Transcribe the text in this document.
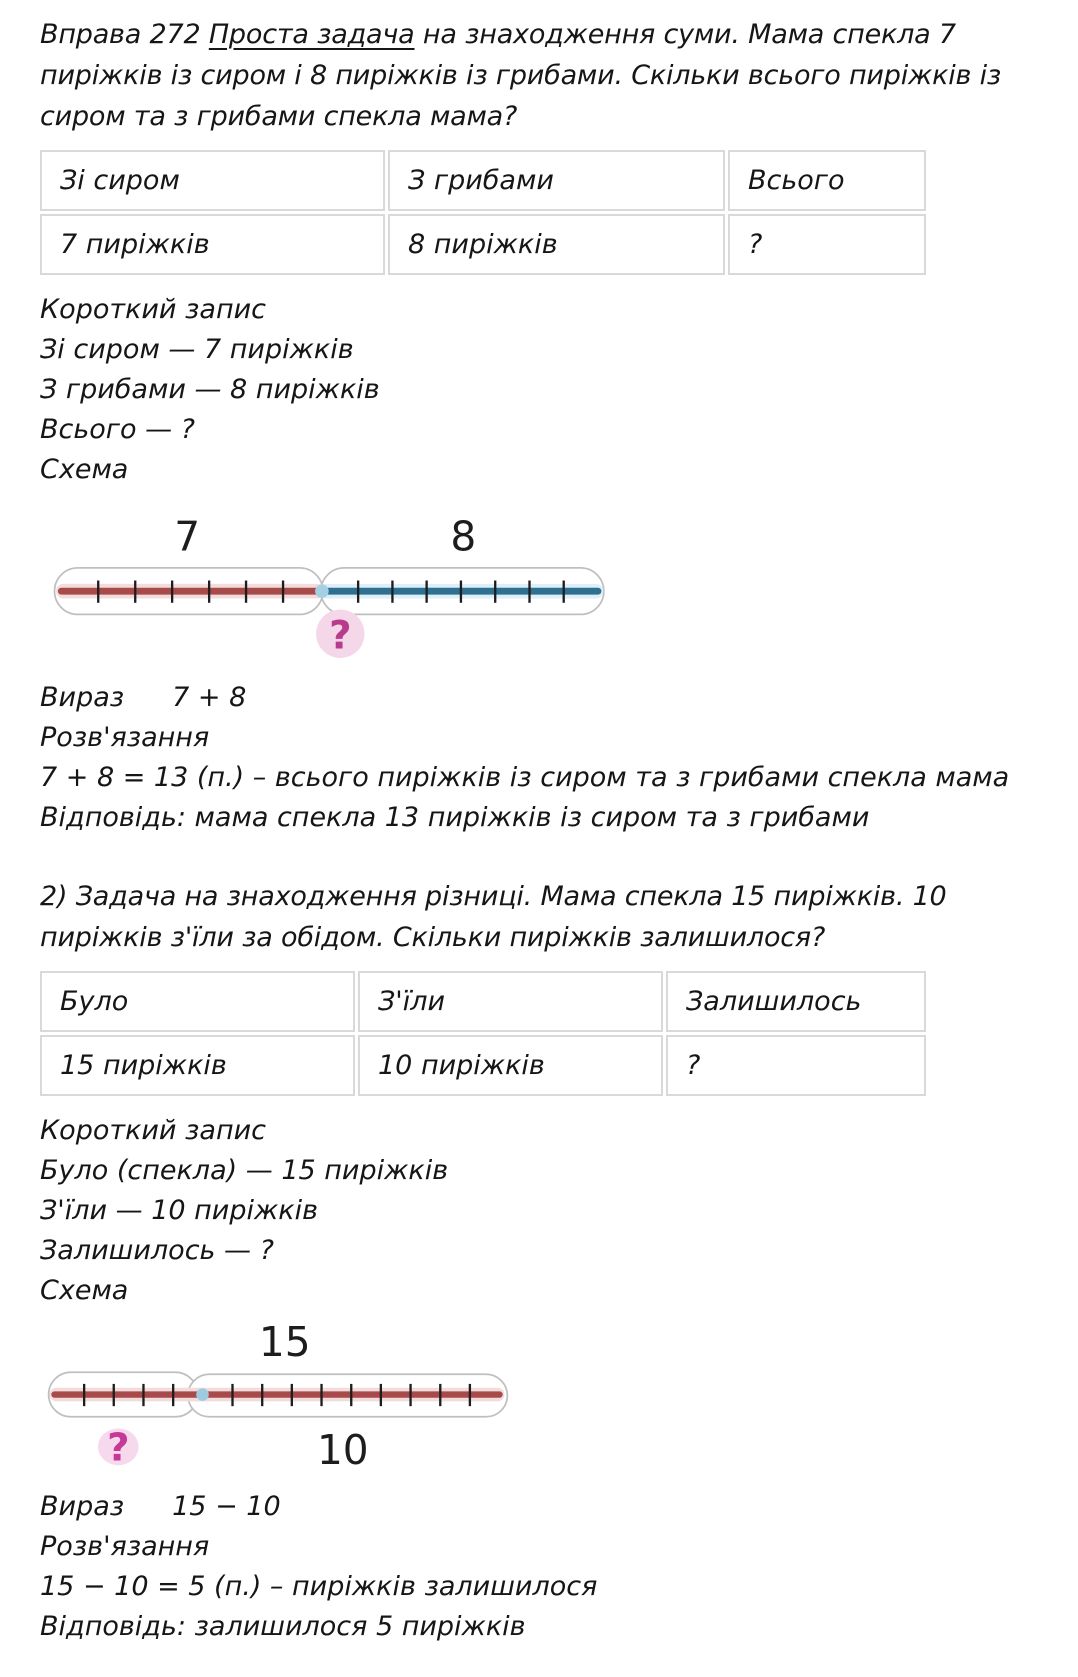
Вправа 272 Проста задача на знаходження суми. Мама спекла 7 пиріжків із сиром і 8 пиріжків із грибами. Скільки всього пиріжків із сиром та з грибами спекла мама?

Зі сиром	З грибами	Всього
7 пиріжків	8 пиріжків	?
Короткий запис
Зі сиром — 7 пиріжків
З грибами — 8 пиріжків
Всього — ?
Схема
7	8
?
Вираз 7 + 8
Розв'язання
7 + 8 = 13 (п.) – всього пиріжків із сиром та з грибами спекла мама
Відповідь: мама спекла 13 пиріжків із сиром та з грибами

2) Задача на знаходження різниці. Мама спекла 15 пиріжків. 10 пиріжків з'їли за обідом. Скільки пиріжків залишилося?

Було	З'їли	Залишилось
15 пиріжків	10 пиріжків	?
Короткий запис
Було (спекла) — 15 пиріжків
З'їли — 10 пиріжків
Залишилось — ?
Схема
15
?	10
Вираз 15 − 10
Розв'язання
15 − 10 = 5 (п.) – пиріжків залишилося
Відповідь: залишилося 5 пиріжків
